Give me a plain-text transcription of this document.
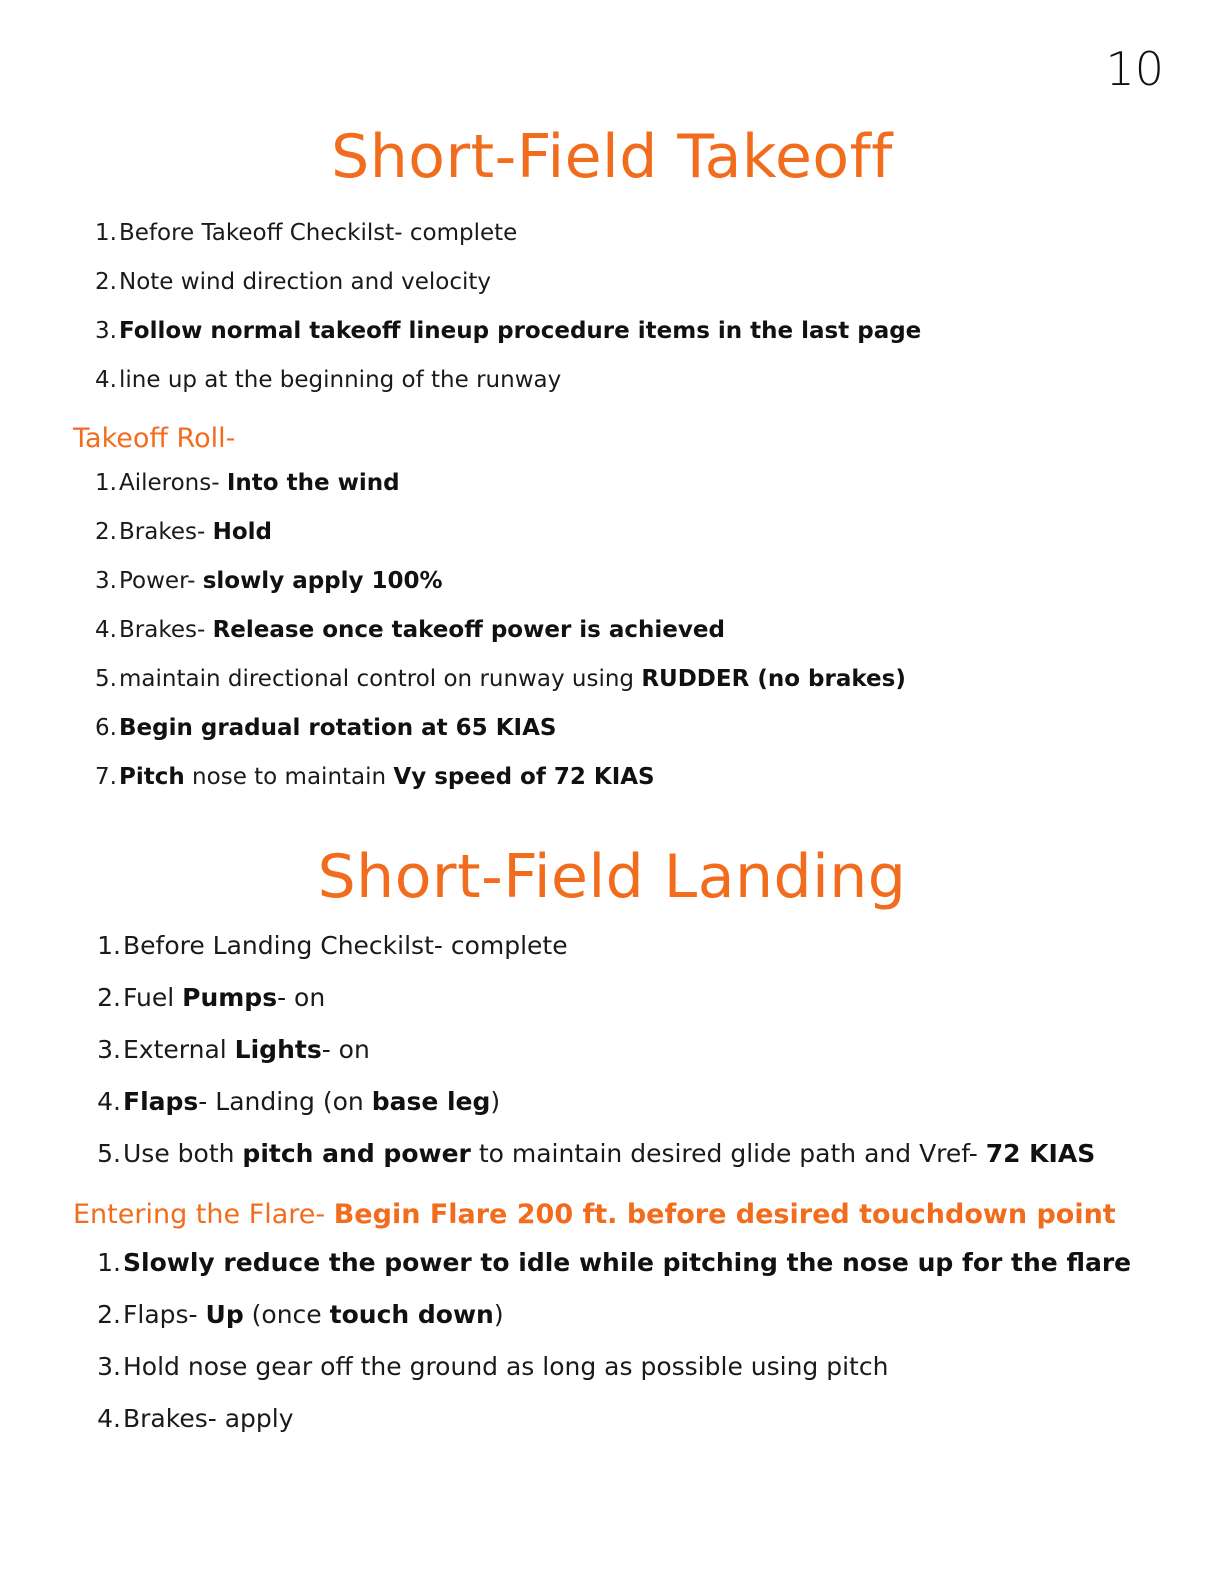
10
Short-Field Takeoff
1. Before Takeoff Checkilst- complete
2. Note wind direction and velocity
3. Follow normal takeoff lineup procedure items in the last page
4. line up at the beginning of the runway
Takeoff Roll-
1. Ailerons- Into the wind
2. Brakes- Hold
3. Power- slowly apply 100%
4. Brakes- Release once takeoff power is achieved
5. maintain directional control on runway using RUDDER (no brakes)
6. Begin gradual rotation at 65 KIAS
7. Pitch nose to maintain Vy speed of 72 KIAS
Short-Field Landing
1. Before Landing Checkilst- complete
2. Fuel Pumps- on
3. External Lights- on
4. Flaps- Landing (on base leg)
5. Use both pitch and power to maintain desired glide path and Vref- 72 KIAS
Entering the Flare- Begin Flare 200 ft. before desired touchdown point
1. Slowly reduce the power to idle while pitching the nose up for the flare
2. Flaps- Up (once touch down)
3. Hold nose gear off the ground as long as possible using pitch
4. Brakes- apply
